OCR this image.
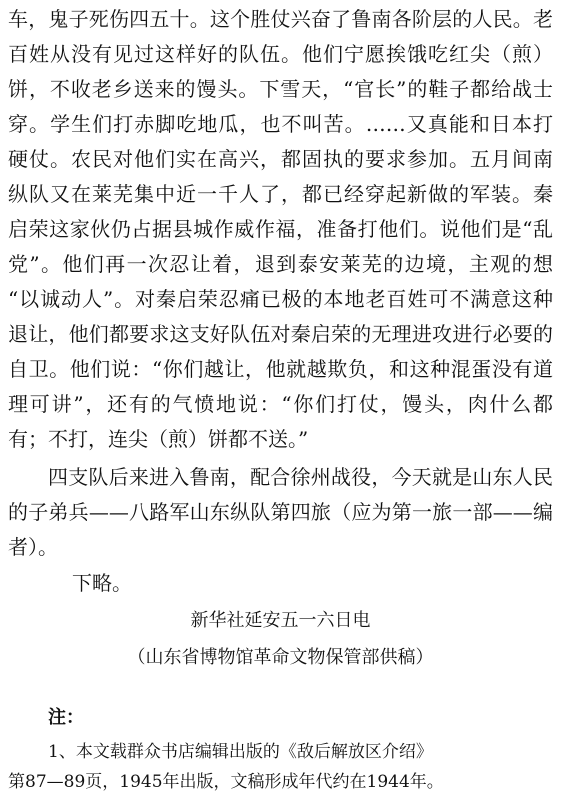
车，鬼子死伤四五十。这个胜仗兴奋了鲁南各阶层的人民。老
百姓从没有见过这样好的队伍。他们宁愿挨饿吃红尖（煎）
饼，不收老乡送来的馒头。下雪天，“官长”的鞋子都给战士
穿。学生们打赤脚吃地瓜，也不叫苦。……又真能和日本打
硬仗。农民对他们实在高兴，都固执的要求参加。五月间南
纵队又在莱芜集中近一千人了，都已经穿起新做的军装。秦
启荣这家伙仍占据县城作威作福，准备打他们。说他们是“乱
党”。他们再一次忍让着，退到泰安莱芜的边境，主观的想
“以诚动人”。对秦启荣忍痛已极的本地老百姓可不满意这种
退让，他们都要求这支好队伍对秦启荣的无理进攻进行必要的
自卫。他们说：“你们越让，他就越欺负，和这种混蛋没有道
理可讲”，还有的气愤地说：“你们打仗，馒头，肉什么都
有；不打，连尖（煎）饼都不送。”
四支队后来进入鲁南，配合徐州战役，今天就是山东人民
的子弟兵——八路军山东纵队第四旅（应为第一旅一部——编
者）。
下略。
新华社延安五一六日电
（山东省博物馆革命文物保管部供稿）
注：
1、本文载群众书店编辑出版的《敌后解放区介绍》
第87—89页，1945年出版，文稿形成年代约在1944年。
